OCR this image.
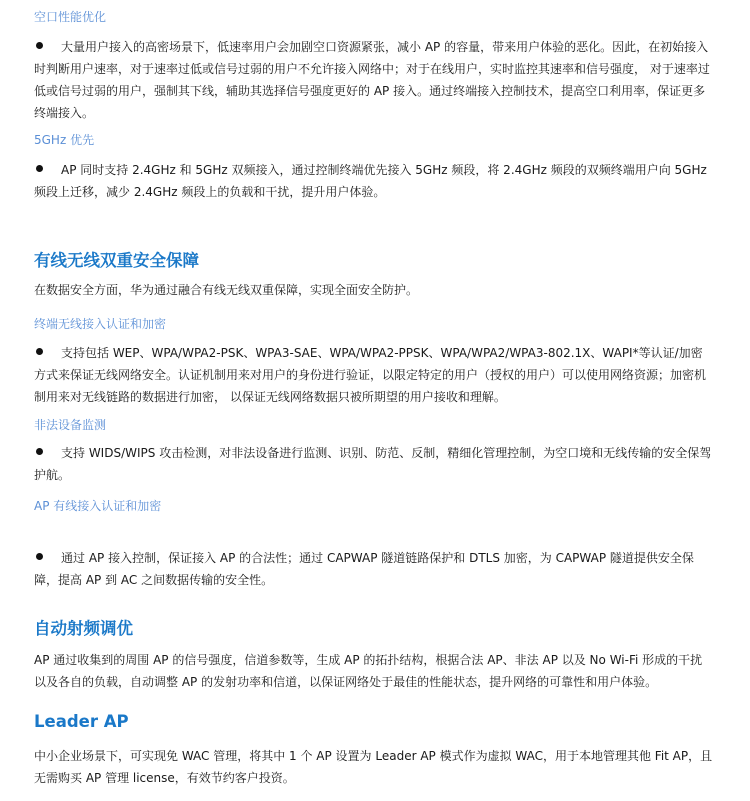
空口性能优化
大量用户接入的高密场景下，低速率用户会加剧空口资源紧张，减小 AP 的容量，带来用户体验的恶化。因此，在初始接入时判断用户速率，对于速率过低或信号过弱的用户不允许接入网络中；对于在线用户，实时监控其速率和信号强度， 对于速率过低或信号过弱的用户，强制其下线，辅助其选择信号强度更好的 AP 接入。通过终端接入控制技术，提高空口利用率，保证更多终端接入。
5GHz 优先
AP 同时支持 2.4GHz 和 5GHz 双频接入，通过控制终端优先接入 5GHz 频段，将 2.4GHz 频段的双频终端用户向 5GHz 频段上迁移，减少 2.4GHz 频段上的负载和干扰，提升用户体验。
有线无线双重安全保障
在数据安全方面，华为通过融合有线无线双重保障，实现全面安全防护。
终端无线接入认证和加密
支持包括 WEP、WPA/WPA2-PSK、WPA3-SAE、WPA/WPA2-PPSK、WPA/WPA2/WPA3-802.1X、WAPI*等认证/加密方式来保证无线网络安全。认证机制用来对用户的身份进行验证，以限定特定的用户（授权的用户）可以使用网络资源；加密机制用来对无线链路的数据进行加密， 以保证无线网络数据只被所期望的用户接收和理解。
非法设备监测
支持 WIDS/WIPS 攻击检测，对非法设备进行监测、识别、防范、反制，精细化管理控制，为空口境和无线传输的安全保驾护航。
AP 有线接入认证和加密
通过 AP 接入控制，保证接入 AP 的合法性；通过 CAPWAP 隧道链路保护和 DTLS 加密，为 CAPWAP 隧道提供安全保障，提高 AP 到 AC 之间数据传输的安全性。
自动射频调优
AP 通过收集到的周围 AP 的信号强度，信道参数等，生成 AP 的拓扑结构，根据合法 AP、非法 AP 以及 No Wi-Fi 形成的干扰以及各自的负载，自动调整 AP 的发射功率和信道，以保证网络处于最佳的性能状态，提升网络的可靠性和用户体验。
Leader AP
中小企业场景下，可实现免 WAC 管理，将其中 1 个 AP 设置为 Leader AP 模式作为虚拟 WAC，用于本地管理其他 Fit AP，且无需购买 AP 管理 license，有效节约客户投资。
